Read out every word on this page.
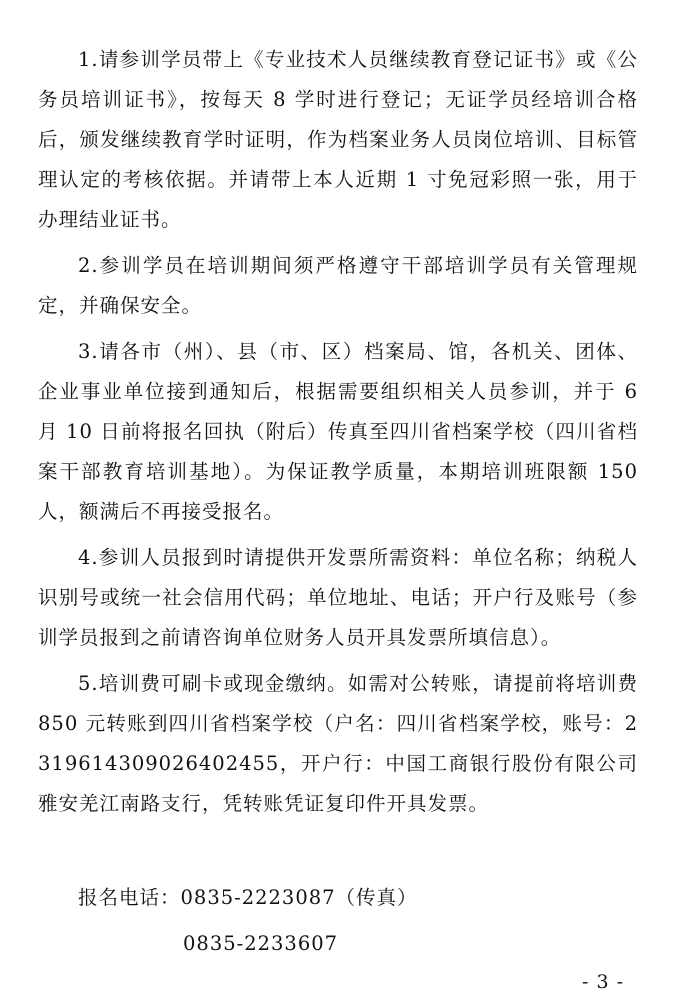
1.请参训学员带上《专业技术人员继续教育登记证书》或《公务员培训证书》，按每天 8 学时进行登记；无证学员经培训合格后，颁发继续教育学时证明，作为档案业务人员岗位培训、目标管理认定的考核依据。并请带上本人近期 1 寸免冠彩照一张，用于办理结业证书。

2.参训学员在培训期间须严格遵守干部培训学员有关管理规定，并确保安全。

3.请各市（州）、县（市、区）档案局、馆，各机关、团体、企业事业单位接到通知后，根据需要组织相关人员参训，并于 6 月 10 日前将报名回执（附后）传真至四川省档案学校（四川省档案干部教育培训基地）。为保证教学质量，本期培训班限额 150 人，额满后不再接受报名。

4.参训人员报到时请提供开发票所需资料：单位名称；纳税人识别号或统一社会信用代码；单位地址、电话；开户行及账号（参训学员报到之前请咨询单位财务人员开具发票所填信息）。

5.培训费可刷卡或现金缴纳。如需对公转账，请提前将培训费 850 元转账到四川省档案学校（户名：四川省档案学校，账号：2319614309026402455，开户行：中国工商银行股份有限公司雅安羌江南路支行，凭转账凭证复印件开具发票。

报名电话：0835-2223087（传真）
0835-2233607
- 3 -
